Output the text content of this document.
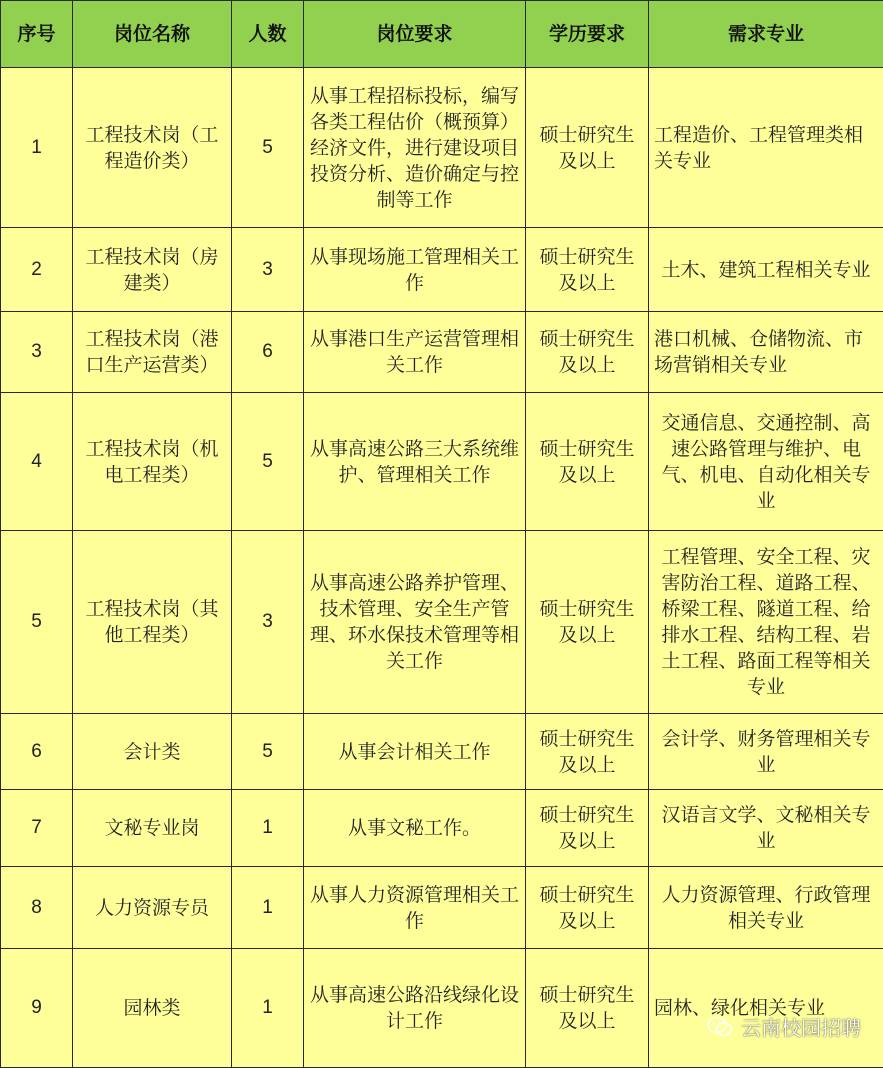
序号	岗位名称	人数	岗位要求	学历要求	需求专业
1	工程技术岗（工程造价类）	5	从事工程招标投标，编写各类工程估价（概预算）经济文件，进行建设项目投资分析、造价确定与控制等工作	硕士研究生及以上	工程造价、工程管理类相关专业
2	工程技术岗（房建类）	3	从事现场施工管理相关工作	硕士研究生及以上	土木、建筑工程相关专业
3	工程技术岗（港口生产运营类）	6	从事港口生产运营管理相关工作	硕士研究生及以上	港口机械、仓储物流、市场营销相关专业
4	工程技术岗（机电工程类）	5	从事高速公路三大系统维护、管理相关工作	硕士研究生及以上	交通信息、交通控制、高速公路管理与维护、电气、机电、自动化相关专业
5	工程技术岗（其他工程类）	3	从事高速公路养护管理、技术管理、安全生产管理、环水保技术管理等相关工作	硕士研究生及以上	工程管理、安全工程、灾害防治工程、道路工程、桥梁工程、隧道工程、给排水工程、结构工程、岩土工程、路面工程等相关专业
6	会计类	5	从事会计相关工作	硕士研究生及以上	会计学、财务管理相关专业
7	文秘专业岗	1	从事文秘工作。	硕士研究生及以上	汉语言文学、文秘相关专业
8	人力资源专员	1	从事人力资源管理相关工作	硕士研究生及以上	人力资源管理、行政管理相关专业
9	园林类	1	从事高速公路沿线绿化设计工作	硕士研究生及以上	园林、绿化相关专业
云南校园招聘
